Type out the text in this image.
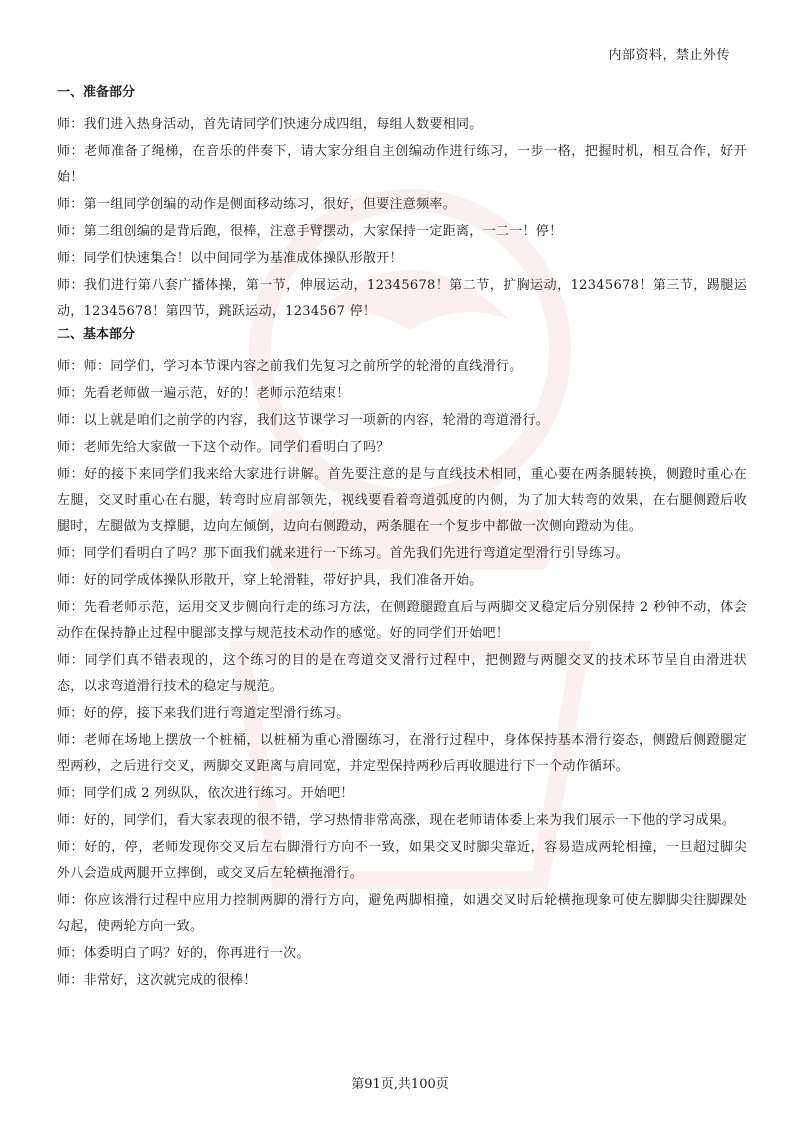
内部资料，禁止外传
一、准备部分

师：我们进入热身活动，首先请同学们快速分成四组，每组人数要相同。

师：老师准备了绳梯，在音乐的伴奏下，请大家分组自主创编动作进行练习，一步一格，把握时机，相互合作，好开始！

师：第一组同学创编的动作是侧面移动练习，很好，但要注意频率。

师：第二组创编的是背后跑，很棒，注意手臂摆动，大家保持一定距离，一二一！停！

师：同学们快速集合！以中间同学为基准成体操队形散开！

师：我们进行第八套广播体操，第一节，伸展运动，12345678！第二节，扩胸运动，12345678！第三节，踢腿运动，12345678！第四节，跳跃运动，1234567 停！

二、基本部分

师：师：同学们，学习本节课内容之前我们先复习之前所学的轮滑的直线滑行。

师：先看老师做一遍示范，好的！老师示范结束！

师：以上就是咱们之前学的内容，我们这节课学习一项新的内容，轮滑的弯道滑行。

师：老师先给大家做一下这个动作。同学们看明白了吗？

师：好的接下来同学们我来给大家进行讲解。首先要注意的是与直线技术相同，重心要在两条腿转换，侧蹬时重心在左腿，交叉时重心在右腿，转弯时应肩部领先，视线要看着弯道弧度的内侧，为了加大转弯的效果，在右腿侧蹬后收腿时，左腿做为支撑腿，边向左倾倒，边向右侧蹬动，两条腿在一个复步中都做一次侧向蹬动为佳。

师：同学们看明白了吗？那下面我们就来进行一下练习。首先我们先进行弯道定型滑行引导练习。

师：好的同学成体操队形散开，穿上轮滑鞋，带好护具，我们准备开始。

师：先看老师示范，运用交叉步侧向行走的练习方法，在侧蹬腿蹬直后与两脚交叉稳定后分别保持 2 秒钟不动，体会动作在保持静止过程中腿部支撑与规范技术动作的感觉。好的同学们开始吧！

师：同学们真不错表现的，这个练习的目的是在弯道交叉滑行过程中，把侧蹬与两腿交叉的技术环节呈自由滑进状态，以求弯道滑行技术的稳定与规范。

师：好的停，接下来我们进行弯道定型滑行练习。

师：老师在场地上摆放一个桩桶，以桩桶为重心滑圈练习，在滑行过程中，身体保持基本滑行姿态，侧蹬后侧蹬腿定型两秒，之后进行交叉，两脚交叉距离与肩同宽，并定型保持两秒后再收腿进行下一个动作循环。

师：同学们成 2 列纵队，依次进行练习。开始吧！

师：好的，同学们，看大家表现的很不错，学习热情非常高涨，现在老师请体委上来为我们展示一下他的学习成果。

师：好的，停，老师发现你交叉后左右脚滑行方向不一致，如果交叉时脚尖靠近，容易造成两轮相撞，一旦超过脚尖外八会造成两腿开立摔倒，或交叉后左轮横拖滑行。

师：你应该滑行过程中应用力控制两脚的滑行方向，避免两脚相撞，如遇交叉时后轮横拖现象可使左脚脚尖往脚踝处勾起，使两轮方向一致。

师：体委明白了吗？好的，你再进行一次。

师：非常好，这次就完成的很棒！

第91页,共100页
